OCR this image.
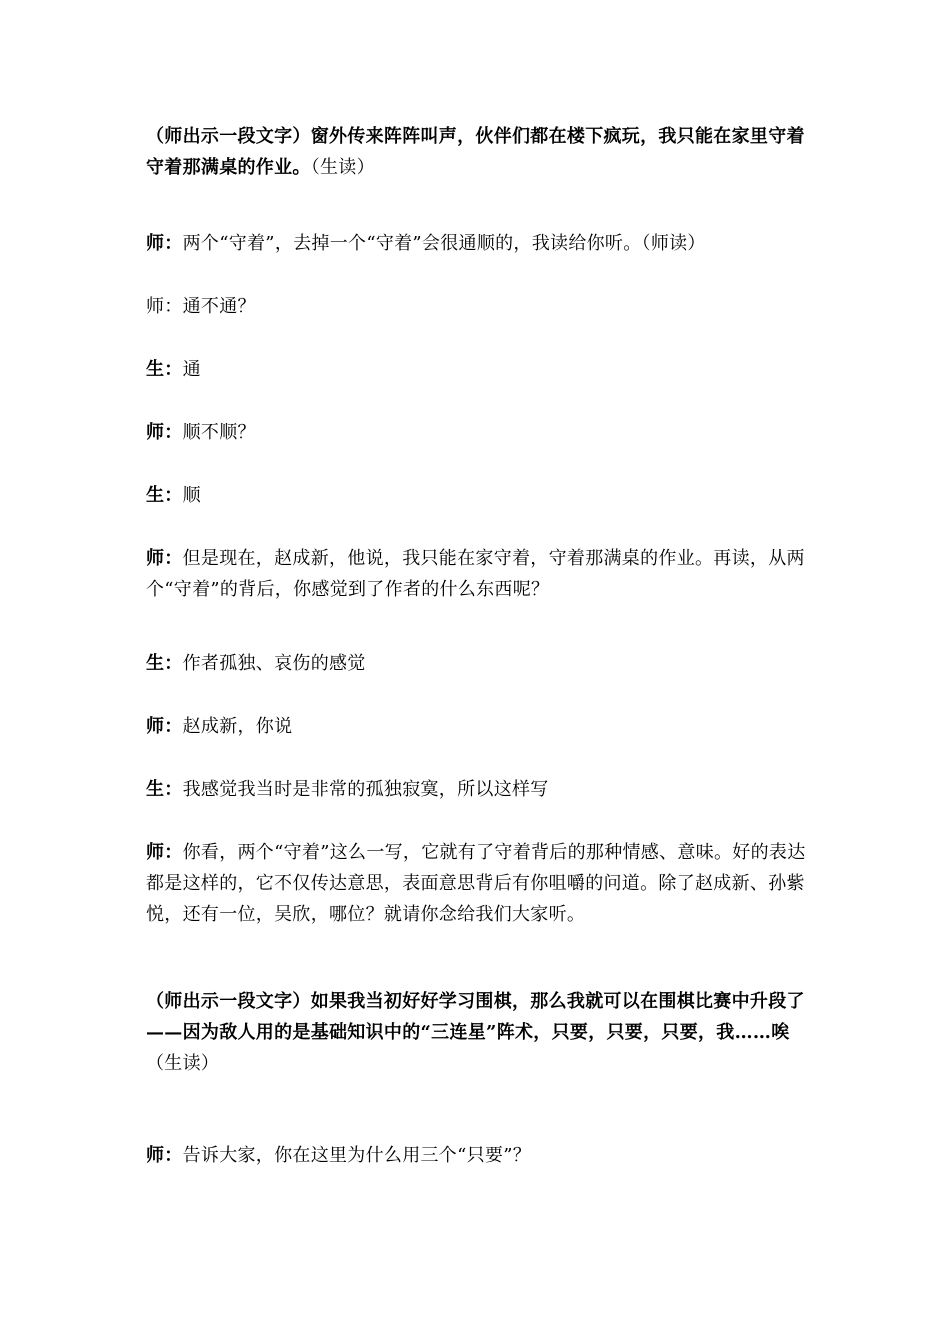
（师出示一段文字）窗外传来阵阵叫声，伙伴们都在楼下疯玩，我只能在家里守着守着那满桌的作业。（生读）
师：两个“守着”，去掉一个“守着”会很通顺的，我读给你听。（师读）
师：通不通？
生：通
师：顺不顺？
生：顺
师：但是现在，赵成新，他说，我只能在家守着，守着那满桌的作业。再读，从两个“守着”的背后，你感觉到了作者的什么东西呢？
生：作者孤独、哀伤的感觉
师：赵成新，你说
生：我感觉我当时是非常的孤独寂寞，所以这样写
师：你看，两个“守着”这么一写，它就有了守着背后的那种情感、意味。好的表达都是这样的，它不仅传达意思，表面意思背后有你咀嚼的问道。除了赵成新、孙紫悦，还有一位，吴欣，哪位？就请你念给我们大家听。
（师出示一段文字）如果我当初好好学习围棋，那么我就可以在围棋比赛中升段了——因为敌人用的是基础知识中的“三连星”阵术，只要，只要，只要，我……唉（生读）
师：告诉大家，你在这里为什么用三个“只要”？
